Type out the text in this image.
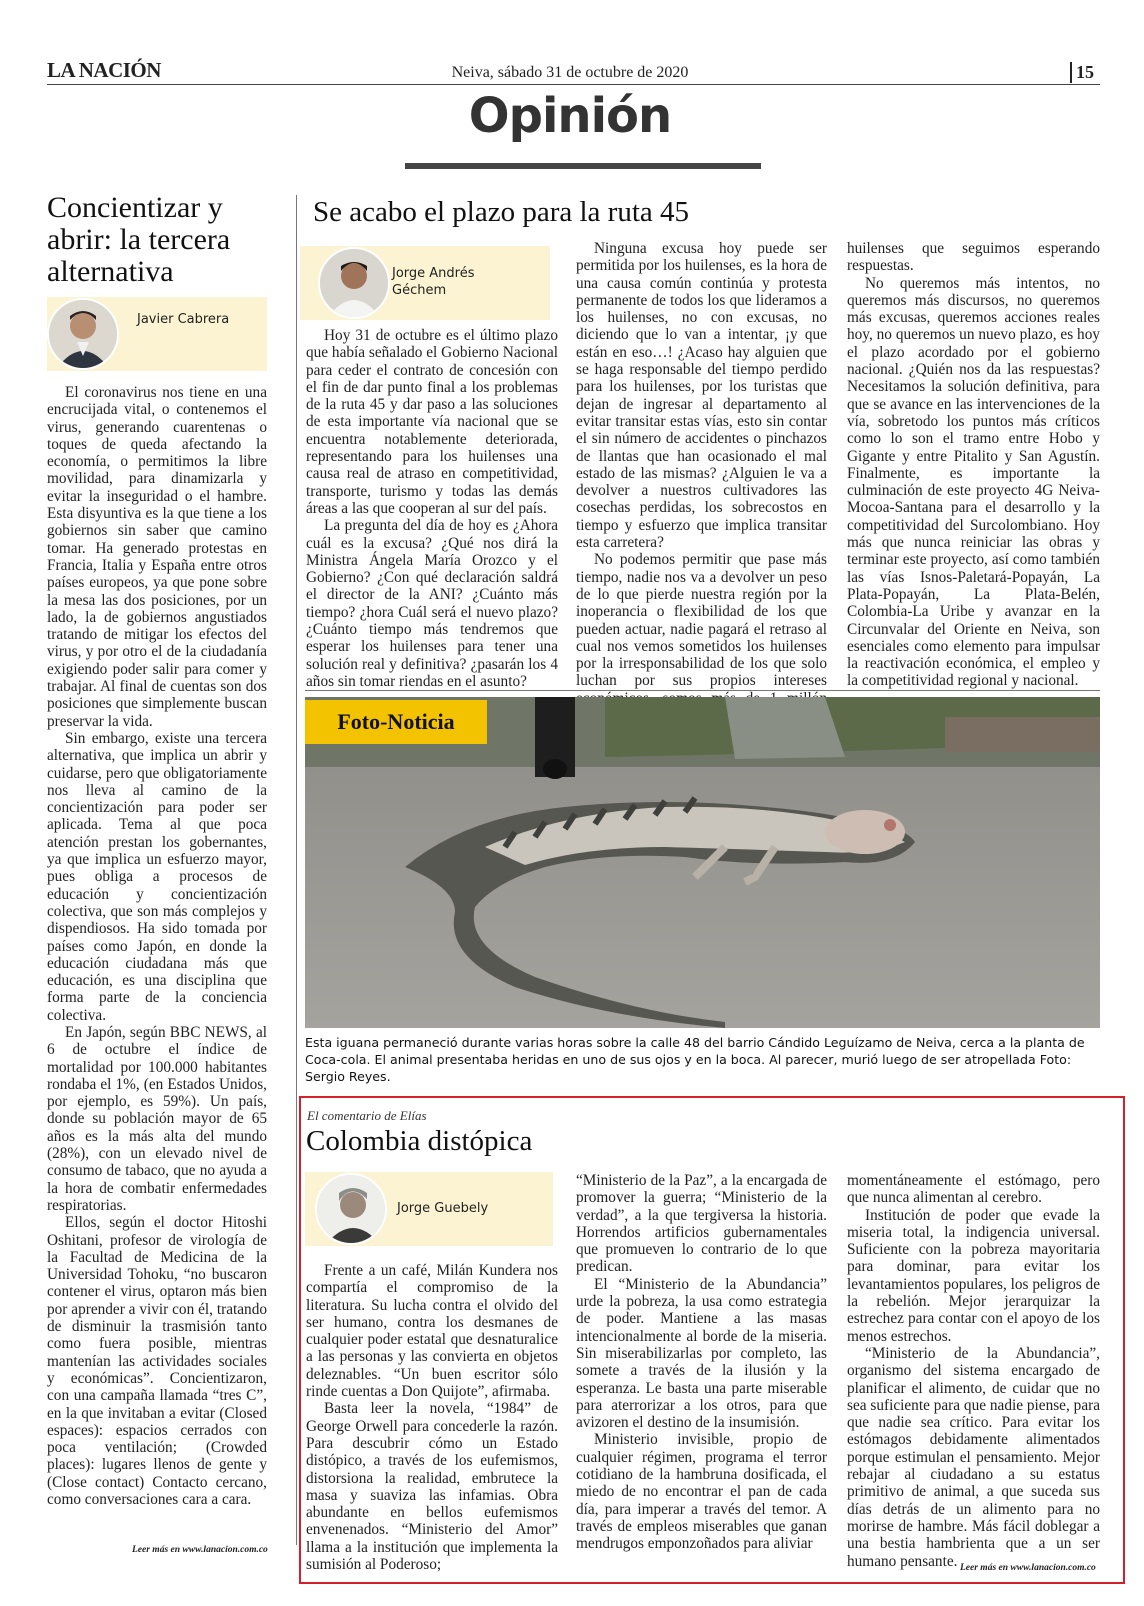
LA NACIÓN	Neiva, sábado 31 de octubre de 2020	15
Opinión
Concientizar y abrir: la tercera alternativa
Javier Cabrera

El coronavirus nos tiene en una encrucijada vital, o contenemos el virus, generando cuarentenas o toques de queda afectando la economía, o permitimos la libre movilidad, para dinamizarla y evitar la inseguridad o el hambre. Esta disyuntiva es la que tiene a los gobiernos sin saber que camino tomar. Ha generado protestas en Francia, Italia y España entre otros países europeos, ya que pone sobre la mesa las dos posiciones, por un lado, la de gobiernos angustiados tratando de mitigar los efectos del virus, y por otro el de la ciudadanía exigiendo poder salir para comer y trabajar. Al final de cuentas son dos posiciones que simplemente buscan preservar la vida.

Sin embargo, existe una tercera alternativa, que implica un abrir y cuidarse, pero que obligatoriamente nos lleva al camino de la concientización para poder ser aplicada. Tema al que poca atención prestan los gobernantes, ya que implica un esfuerzo mayor, pues obliga a procesos de educación y concientización colectiva, que son más complejos y dispendiosos. Ha sido tomada por países como Japón, en donde la educación ciudadana más que educación, es una disciplina que forma parte de la conciencia colectiva.

En Japón, según BBC NEWS, al 6 de octubre el índice de mortalidad por 100.000 habitantes rondaba el 1%, (en Estados Unidos, por ejemplo, es 59%). Un país, donde su población mayor de 65 años es la más alta del mundo (28%), con un elevado nivel de consumo de tabaco, que no ayuda a la hora de combatir enfermedades respiratorias.

Ellos, según el doctor Hitoshi Oshitani, profesor de virología de la Facultad de Medicina de la Universidad Tohoku, “no buscaron contener el virus, optaron más bien por aprender a vivir con él, tratando de disminuir la trasmisión tanto como fuera posible, mientras mantenían las actividades sociales y económicas”. Concientizaron, con una campaña llamada “tres C”, en la que invitaban a evitar (Closed espaces): espacios cerrados con poca ventilación; (Crowded places): lugares llenos de gente y (Close contact) Contacto cercano, como conversaciones cara a cara.

Leer más en www.lanacion.com.co
Se acabo el plazo para la ruta 45
Jorge Andrés Géchem

Hoy 31 de octubre es el último plazo que había señalado el Gobierno Nacional para ceder el contrato de concesión con el fin de dar punto final a los problemas de la ruta 45 y dar paso a las soluciones de esta importante vía nacional que se encuentra notablemente deteriorada, representando para los huilenses una causa real de atraso en competitividad, transporte, turismo y todas las demás áreas a las que cooperan al sur del país.

La pregunta del día de hoy es ¿Ahora cuál es la excusa? ¿Qué nos dirá la Ministra Ángela María Orozco y el Gobierno? ¿Con qué declaración saldrá el director de la ANI? ¿Cuánto más tiempo? ¿hora Cuál será el nuevo plazo? ¿Cuánto tiempo más tendremos que esperar los huilenses para tener una solución real y definitiva? ¿pasarán los 4 años sin tomar riendas en el asunto?

Ninguna excusa hoy puede ser permitida por los huilenses, es la hora de una causa común continúa y protesta permanente de todos los que lideramos a los huilenses, no con excusas, no diciendo que lo van a intentar, ¡y que están en eso…! ¿Acaso hay alguien que se haga responsable del tiempo perdido para los huilenses, por los turistas que dejan de ingresar al departamento al evitar transitar estas vías, esto sin contar el sin número de accidentes o pinchazos de llantas que han ocasionado el mal estado de las mismas? ¿Alguien le va a devolver a nuestros cultivadores las cosechas perdidas, los sobrecostos en tiempo y esfuerzo que implica transitar esta carretera?

No podemos permitir que pase más tiempo, nadie nos va a devolver un peso de lo que pierde nuestra región por la inoperancia o flexibilidad de los que pueden actuar, nadie pagará el retraso al cual nos vemos sometidos los huilenses por la irresponsabilidad de los que solo luchan por sus propios intereses

huilenses que seguimos esperando respuestas.

No queremos más intentos, no queremos más discursos, no queremos más excusas, queremos acciones reales hoy, no queremos un nuevo plazo, es hoy el plazo acordado por el gobierno nacional. ¿Quién nos da las respuestas? Necesitamos la solución definitiva, para que se avance en las intervenciones de la vía, sobretodo los puntos más críticos como lo son el tramo entre Hobo y Gigante y entre Pitalito y San Agustín. Finalmente, es importante la culminación de este proyecto 4G Neiva-Mocoa-Santana para el desarrollo y la competitividad del Surcolombiano. Hoy más que nunca reiniciar las obras y terminar este proyecto, así como también las vías Isnos-Paletará-Popayán, La Plata-Popayán, La Plata-Belén, Colombia-La Uribe y avanzar en la Circunvalar del Oriente en Neiva, son esenciales como elemento para impulsar la reactivación económica, el empleo y la competitividad regional y nacional.

Foto-Noticia
Esta iguana permaneció durante varias horas sobre la calle 48 del barrio Cándido Leguízamo de Neiva, cerca a la planta de Coca-cola. El animal presentaba heridas en uno de sus ojos y en la boca. Al parecer, murió luego de ser atropellada Foto: Sergio Reyes.
El comentario de Elías
Colombia distópica
Jorge Guebely

Frente a un café, Milán Kundera nos compartía el compromiso de la literatura. Su lucha contra el olvido del ser humano, contra los desmanes de cualquier poder estatal que desnaturalice a las personas y las convierta en objetos deleznables. “Un buen escritor sólo rinde cuentas a Don Quijote”, afirmaba.

Basta leer la novela, “1984” de George Orwell para concederle la razón. Para descubrir cómo un Estado distópico, a través de los eufemismos, distorsiona la realidad, embrutece la masa y suaviza las infamias. Obra abundante en bellos eufemismos envenenados. “Ministerio del Amor” llama a la institución que implementa la sumisión al Poderoso;

“Ministerio de la Paz”, a la encargada de promover la guerra; “Ministerio de la verdad”, a la que tergiversa la historia. Horrendos artificios gubernamentales que promueven lo contrario de lo que predican.

El “Ministerio de la Abundancia” urde la pobreza, la usa como estrategia de poder. Mantiene a las masas intencionalmente al borde de la miseria. Sin miserabilizarlas por completo, las somete a través de la ilusión y la esperanza. Le basta una parte miserable para aterrorizar a los otros, para que avizoren el destino de la insumisión.

Ministerio invisible, propio de cualquier régimen, programa el terror cotidiano de la hambruna dosificada, el miedo de no encontrar el pan de cada día, para imperar a través del temor. A través de empleos miserables que ganan mendrugos emponzoñados para aliviar

momentáneamente el estómago, pero que nunca alimentan al cerebro.

Institución de poder que evade la miseria total, la indigencia universal. Suficiente con la pobreza mayoritaria para dominar, para evitar los levantamientos populares, los peligros de la rebelión. Mejor jerarquizar la estrechez para contar con el apoyo de los menos estrechos.

“Ministerio de la Abundancia”, organismo del sistema encargado de planificar el alimento, de cuidar que no sea suficiente para que nadie piense, para que nadie sea crítico. Para evitar los estómagos debidamente alimentados porque estimulan el pensamiento. Mejor rebajar al ciudadano a su estatus primitivo de animal, a que suceda sus días detrás de un alimento para no morirse de hambre. Más fácil doblegar a una bestia hambrienta que a un ser humano pensante. Leer más en www.lanacion.com.co
